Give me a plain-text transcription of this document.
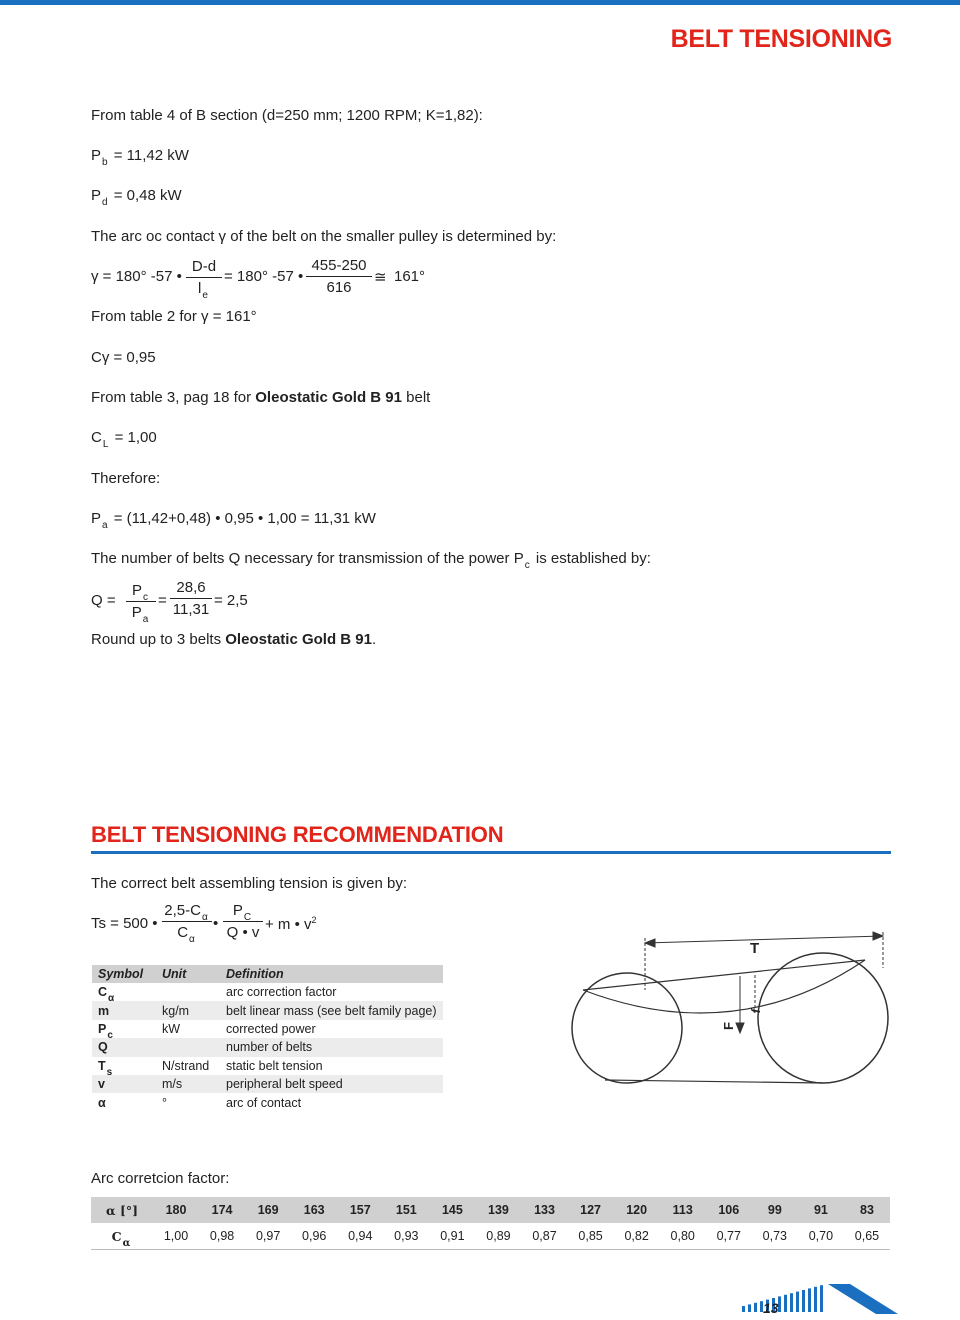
BELT TENSIONING
From table 4 of B section (d=250 mm; 1200 RPM; K=1,82):
$P_b = 11,42$ kW
$P_d = 0,48$ kW
The arc oc contact γ of the belt on the smaller pulley is determined by:
γ = 180° -57 •
D-d
$l_e$
= 180° -57 •
455-250
616
≅ 161°
From table 2 for γ = 161°
Cγ = 0,95
From table 3, pag 18 for Oleostatic Gold B 91 belt
$C_L = 1,00$
Therefore:
$P_a = (11,42+0,48)$ • 0,95 • 1,00 = 11,31 kW
The number of belts Q necessary for transmission of the power $P_c$ is established by:
Q =
$P_c$
$P_a$
=
28,6
11,31
= 2,5
Round up to 3 belts Oleostatic Gold B 91.
BELT TENSIONING RECOMMENDATION
The correct belt assembling tension is given by:
Ts = 500 •
$2,5-C_\alpha$
$C_\alpha$
•
$P_C$
Q • v + m • $v^2$
Symbol	Unit	Definition
$C_\alpha$		arc correction factor
m	kg/m	belt linear mass (see belt family page)
$P_c$	kW	corrected power
Q		number of belts
$T_s$	N/strand	static belt tension
v	m/s	peripheral belt speed
α	°	arc of contact
T
F
f
Arc corretcion factor:
α [°]	180	174	169	163	157	151	145	139	133	127	120	113	106	99	91	83
$C_\alpha$	1,00	0,98	0,97	0,96	0,94	0,93	0,91	0,89	0,87	0,85	0,82	0,80	0,77	0,73	0,70	0,65
13
